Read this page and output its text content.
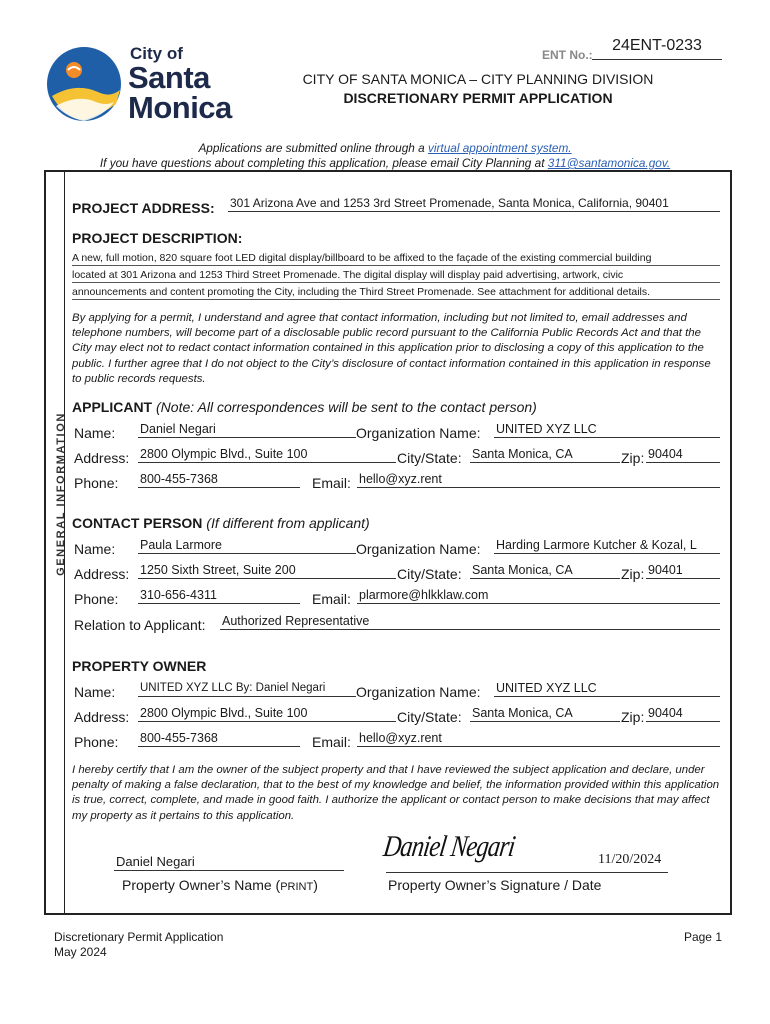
City of
Santa
Monica
ENT No.:
24ENT-0233
CITY OF SANTA MONICA – CITY PLANNING DIVISION
DISCRETIONARY PERMIT APPLICATION
Applications are submitted online through a virtual appointment system.
If you have questions about completing this application, please email City Planning at 311@santamonica.gov.
GENERAL INFORMATION
PROJECT ADDRESS: 301 Arizona Ave and 1253 3rd Street Promenade, Santa Monica, California, 90401
PROJECT DESCRIPTION:
A new, full motion, 820 square foot LED digital display/billboard to be affixed to the façade of the existing commercial building
located at 301 Arizona and 1253 Third Street Promenade. The digital display will display paid advertising, artwork, civic
announcements and content promoting the City, including the Third Street Promenade. See attachment for additional details.
By applying for a permit, I understand and agree that contact information, including but not limited to, email addresses and telephone numbers, will become part of a disclosable public record pursuant to the California Public Records Act and that the City may elect not to redact contact information contained in this application prior to disclosing a copy of this application to the public. I further agree that I do not object to the City’s disclosure of contact information contained in this application in response to public records requests.
APPLICANT (Note: All correspondences will be sent to the contact person)
Name: Daniel Negari	Organization Name: UNITED XYZ LLC
Address: 2800 Olympic Blvd., Suite 100	City/State: Santa Monica, CA	Zip: 90404
Phone: 800-455-7368	Email: hello@xyz.rent
CONTACT PERSON (If different from applicant)
Name: Paula Larmore	Organization Name: Harding Larmore Kutcher & Kozal, L
Address: 1250 Sixth Street, Suite 200	City/State: Santa Monica, CA	Zip: 90401
Phone: 310-656-4311	Email: plarmore@hlkklaw.com
Relation to Applicant: Authorized Representative
PROPERTY OWNER
Name: UNITED XYZ LLC By: Daniel Negari	Organization Name: UNITED XYZ LLC
Address: 2800 Olympic Blvd., Suite 100	City/State: Santa Monica, CA	Zip: 90404
Phone: 800-455-7368	Email: hello@xyz.rent
I hereby certify that I am the owner of the subject property and that I have reviewed the subject application and declare, under penalty of making a false declaration, that to the best of my knowledge and belief, the information provided within this application is true, correct, complete, and made in good faith. I authorize the applicant or contact person to make decisions that may affect my property as it pertains to this application.
Daniel Negari
Property Owner’s Name (PRINT)
Daniel Negari	11/20/2024
Property Owner’s Signature / Date
Discretionary Permit Application
May 2024
Page 1
